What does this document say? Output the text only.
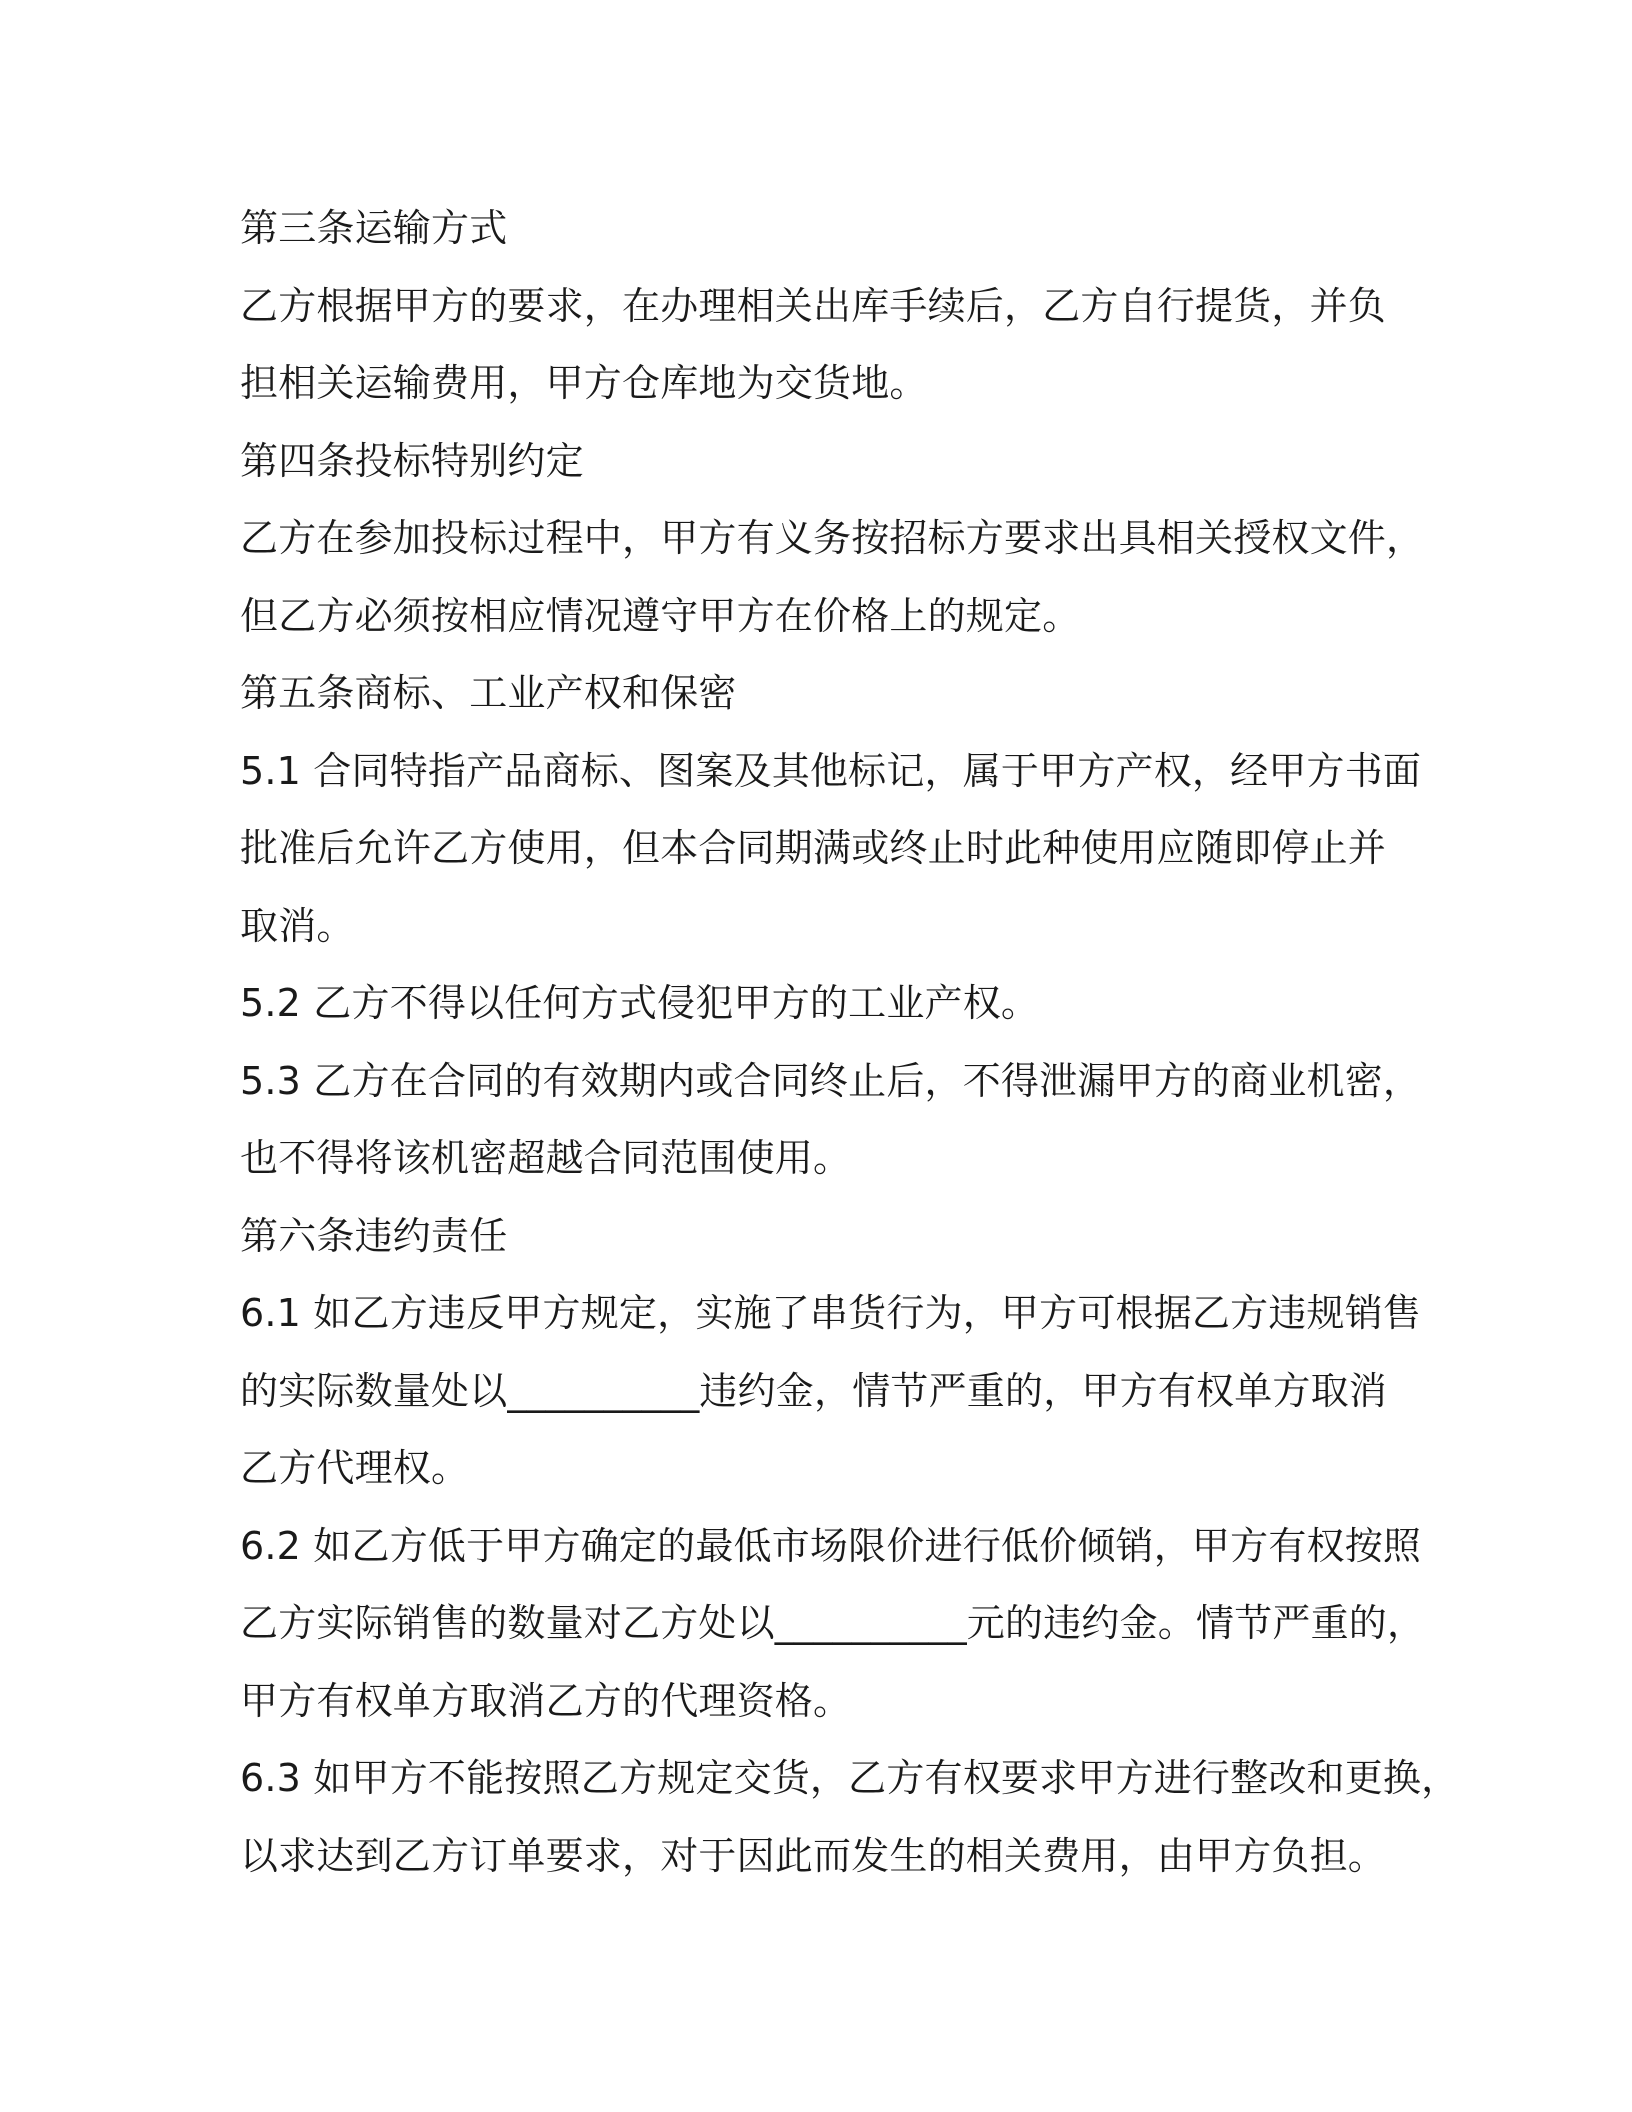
第三条运输方式
乙方根据甲方的要求，在办理相关出库手续后，乙方自行提货，并负
担相关运输费用，甲方仓库地为交货地。
第四条投标特别约定
乙方在参加投标过程中，甲方有义务按招标方要求出具相关授权文件，
但乙方必须按相应情况遵守甲方在价格上的规定。
第五条商标、工业产权和保密
5.1 合同特指产品商标、图案及其他标记，属于甲方产权，经甲方书面
批准后允许乙方使用，但本合同期满或终止时此种使用应随即停止并
取消。
5.2 乙方不得以任何方式侵犯甲方的工业产权。
5.3 乙方在合同的有效期内或合同终止后，不得泄漏甲方的商业机密，
也不得将该机密超越合同范围使用。
第六条违约责任
6.1 如乙方违反甲方规定，实施了串货行为，甲方可根据乙方违规销售
的实际数量处以__________违约金，情节严重的，甲方有权单方取消
乙方代理权。
6.2 如乙方低于甲方确定的最低市场限价进行低价倾销，甲方有权按照
乙方实际销售的数量对乙方处以__________元的违约金。情节严重的，
甲方有权单方取消乙方的代理资格。
6.3 如甲方不能按照乙方规定交货，乙方有权要求甲方进行整改和更换，
以求达到乙方订单要求，对于因此而发生的相关费用，由甲方负担。
